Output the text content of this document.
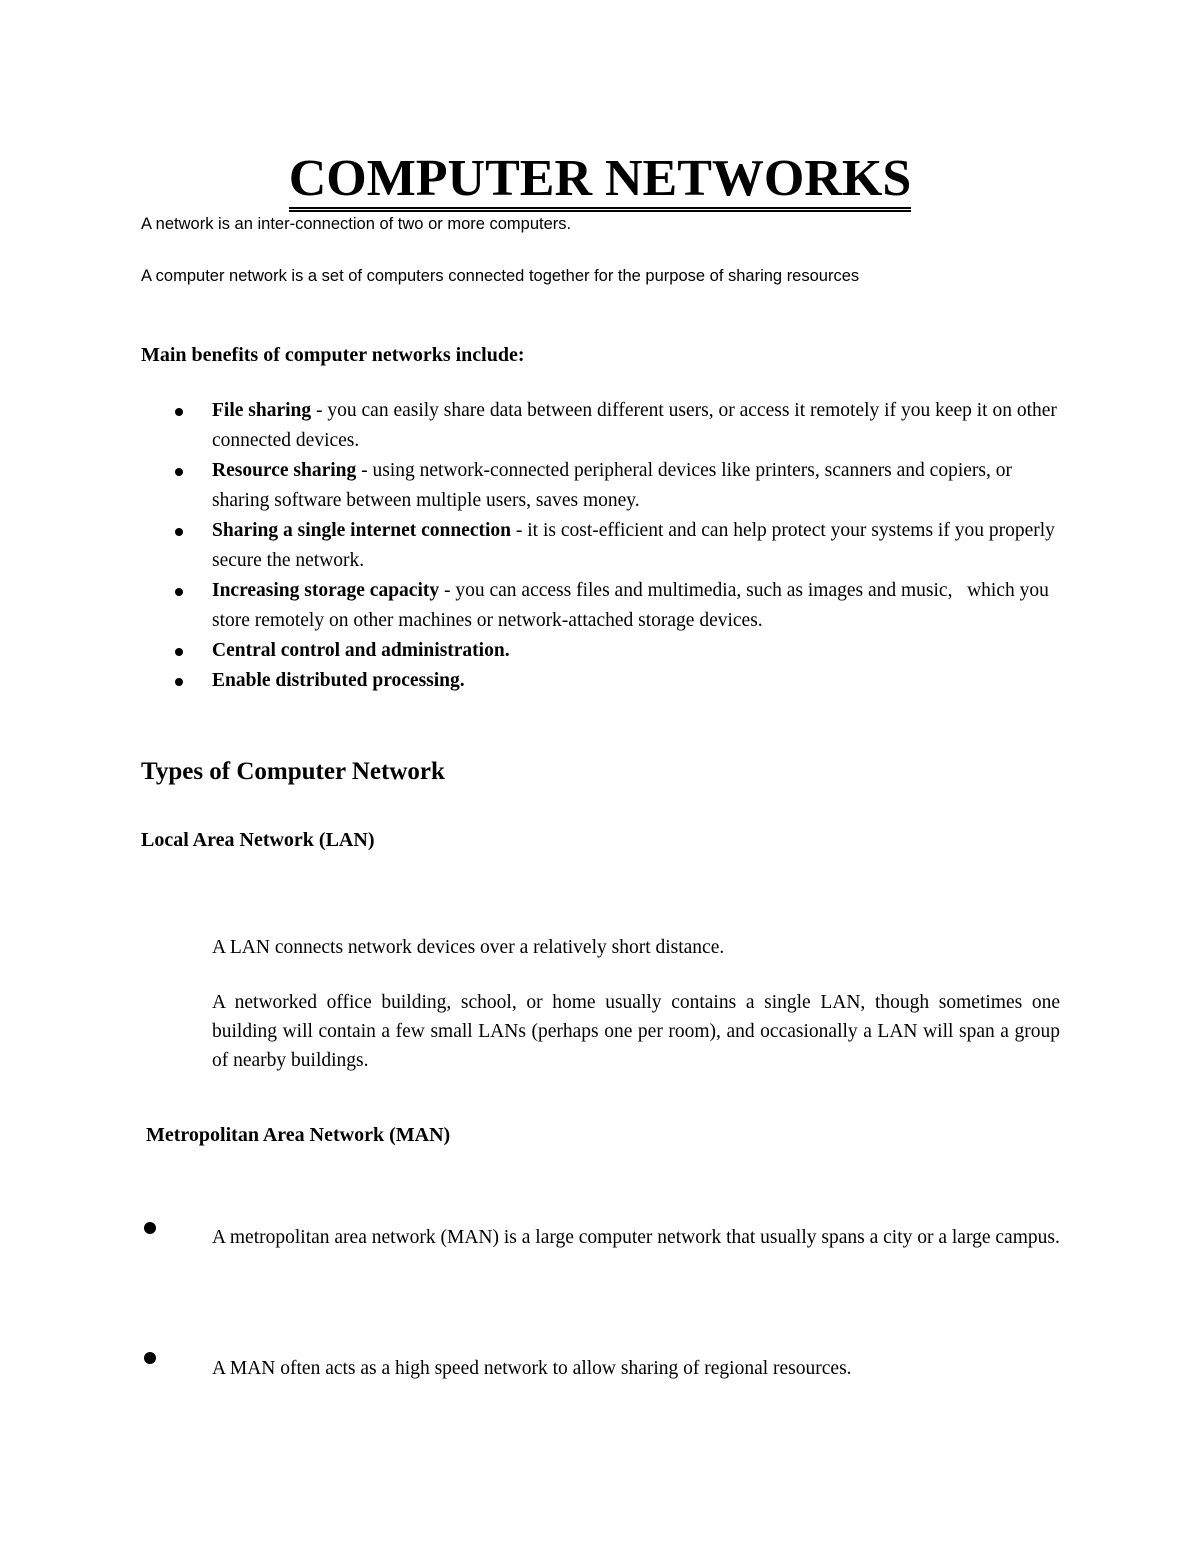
COMPUTER NETWORKS
A network is an inter-connection of two or more computers.
A computer network is a set of computers connected together for the purpose of sharing resources
Main benefits of computer networks include:
File sharing - you can easily share data between different users, or access it remotely if you keep it on other connected devices.
Resource sharing - using network-connected peripheral devices like printers, scanners and copiers, or sharing software between multiple users, saves money.
Sharing a single internet connection - it is cost-efficient and can help protect your systems if you properly secure the network.
Increasing storage capacity - you can access files and multimedia, such as images and music,   which you store remotely on other machines or network-attached storage devices.
Central control and administration.
Enable distributed processing.
Types of Computer Network
Local Area Network (LAN)
A LAN connects network devices over a relatively short distance.
A networked office building, school, or home usually contains a single LAN, though sometimes one building will contain a few small LANs (perhaps one per room), and occasionally a LAN will span a group of nearby buildings.
Metropolitan Area Network (MAN)
A metropolitan area network (MAN) is a large computer network that usually spans a city or a large campus.
A MAN often acts as a high speed network to allow sharing of regional resources.
